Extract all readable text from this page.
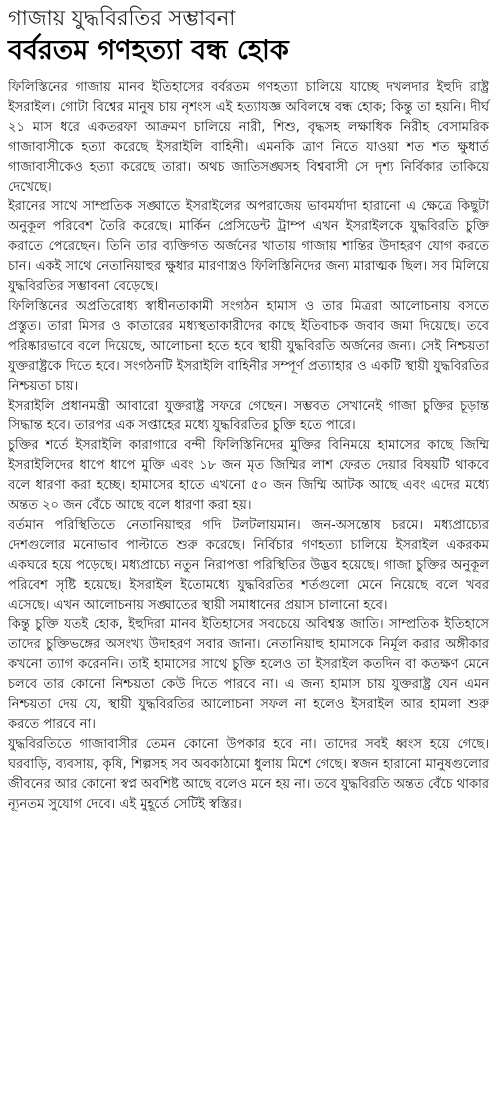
গাজায় যুদ্ধবিরতির সম্ভাবনা
বর্বরতম গণহত্যা বন্ধ হোক

ফিলিস্তিনের গাজায় মানব ইতিহাসের বর্বরতম গণহত্যা চালিয়ে যাচ্ছে দখলদার ইহুদি রাষ্ট্র ইসরাইল। গোটা বিশ্বের মানুষ চায় নৃশংস এই হত্যাযজ্ঞ অবিলম্বে বন্ধ হোক; কিন্তু তা হয়নি। দীর্ঘ ২১ মাস ধরে একতরফা আক্রমণ চালিয়ে নারী, শিশু, বৃদ্ধসহ লক্ষাধিক নিরীহ বেসামরিক গাজাবাসীকে হত্যা করেছে ইসরাইলি বাহিনী। এমনকি ত্রাণ নিতে যাওয়া শত শত ক্ষুধার্ত গাজাবাসীকেও হত্যা করেছে তারা। অথচ জাতিসঙ্ঘসহ বিশ্ববাসী সে দৃশ্য নির্বিকার তাকিয়ে দেখেছে।

ইরানের সাথে সাম্প্রতিক সঙ্ঘাতে ইসরাইলের অপরাজেয় ভাবমর্যাদা হারানো এ ক্ষেত্রে কিছুটা অনুকূল পরিবেশ তৈরি করেছে। মার্কিন প্রেসিডেন্ট ট্রাম্প এখন ইসরাইলকে যুদ্ধবিরতি চুক্তি করাতে পেরেছেন। তিনি তার ব্যক্তিগত অর্জনের খাতায় গাজায় শান্তির উদাহরণ যোগ করতে চান। একই সাথে নেতানিয়াহুর ক্ষুধার মারণাস্ত্রও ফিলিস্তিনিদের জন্য মারাত্মক ছিল। সব মিলিয়ে যুদ্ধবিরতির সম্ভাবনা বেড়েছে।

ফিলিস্তিনের অপ্রতিরোধ্য স্বাধীনতাকামী সংগঠন হামাস ও তার মিত্ররা আলোচনায় বসতে প্রস্তুত। তারা মিসর ও কাতারের মধ্যস্থতাকারীদের কাছে ইতিবাচক জবাব জমা দিয়েছে। তবে পরিষ্কারভাবে বলে দিয়েছে, আলোচনা হতে হবে স্থায়ী যুদ্ধবিরতি অর্জনের জন্য। সেই নিশ্চয়তা যুক্তরাষ্ট্রকে দিতে হবে। সংগঠনটি ইসরাইলি বাহিনীর সম্পূর্ণ প্রত্যাহার ও একটি স্থায়ী যুদ্ধবিরতির নিশ্চয়তা চায়।

ইসরাইলি প্রধানমন্ত্রী আবারো যুক্তরাষ্ট্র সফরে গেছেন। সম্ভবত সেখানেই গাজা চুক্তির চূড়ান্ত সিদ্ধান্ত হবে। তারপর এক সপ্তাহের মধ্যে যুদ্ধবিরতির চুক্তি হতে পারে।

চুক্তির শর্তে ইসরাইলি কারাগারে বন্দী ফিলিস্তিনিদের মুক্তির বিনিময়ে হামাসের কাছে জিম্মি ইসরাইলিদের ধাপে ধাপে মুক্তি এবং ১৮ জন মৃত জিম্মির লাশ ফেরত দেয়ার বিষয়টি থাকবে বলে ধারণা করা হচ্ছে। হামাসের হাতে এখনো ৫০ জন জিম্মি আটক আছে এবং এদের মধ্যে অন্তত ২০ জন বেঁচে আছে বলে ধারণা করা হয়।

বর্তমান পরিস্থিতিতে নেতানিয়াহুর গদি টলটলায়মান। জন-অসন্তোষ চরমে। মধ্যপ্রাচ্যের দেশগুলোর মনোভাব পাল্টাতে শুরু করেছে। নির্বিচার গণহত্যা চালিয়ে ইসরাইল একরকম একঘরে হয়ে পড়েছে। মধ্যপ্রাচ্যে নতুন নিরাপত্তা পরিস্থিতির উদ্ভব হয়েছে। গাজা চুক্তির অনুকূল পরিবেশ সৃষ্টি হয়েছে। ইসরাইল ইতোমধ্যে যুদ্ধবিরতির শর্তগুলো মেনে নিয়েছে বলে খবর এসেছে। এখন আলোচনায় সঙ্ঘাতের স্থায়ী সমাধানের প্রয়াস চালানো হবে।

কিন্তু চুক্তি যতই হোক, ইহুদিরা মানব ইতিহাসের সবচেয়ে অবিশ্বস্ত জাতি। সাম্প্রতিক ইতিহাসে তাদের চুক্তিভঙ্গের অসংখ্য উদাহরণ সবার জানা। নেতানিয়াহু হামাসকে নির্মূল করার অঙ্গীকার কখনো ত্যাগ করেননি। তাই হামাসের সাথে চুক্তি হলেও তা ইসরাইল কতদিন বা কতক্ষণ মেনে চলবে তার কোনো নিশ্চয়তা কেউ দিতে পারবে না। এ জন্য হামাস চায় যুক্তরাষ্ট্র যেন এমন নিশ্চয়তা দেয় যে, স্থায়ী যুদ্ধবিরতির আলোচনা সফল না হলেও ইসরাইল আর হামলা শুরু করতে পারবে না।

যুদ্ধবিরতিতে গাজাবাসীর তেমন কোনো উপকার হবে না। তাদের সবই ধ্বংস হয়ে গেছে। ঘরবাড়ি, ব্যবসায়, কৃষি, শিল্পসহ সব অবকাঠামো ধুলায় মিশে গেছে। স্বজন হারানো মানুষগুলোর জীবনের আর কোনো স্বপ্ন অবশিষ্ট আছে বলেও মনে হয় না। তবে যুদ্ধবিরতি অন্তত বেঁচে থাকার ন্যূনতম সুযোগ দেবে। এই মুহূর্তে সেটিই স্বস্তির।
